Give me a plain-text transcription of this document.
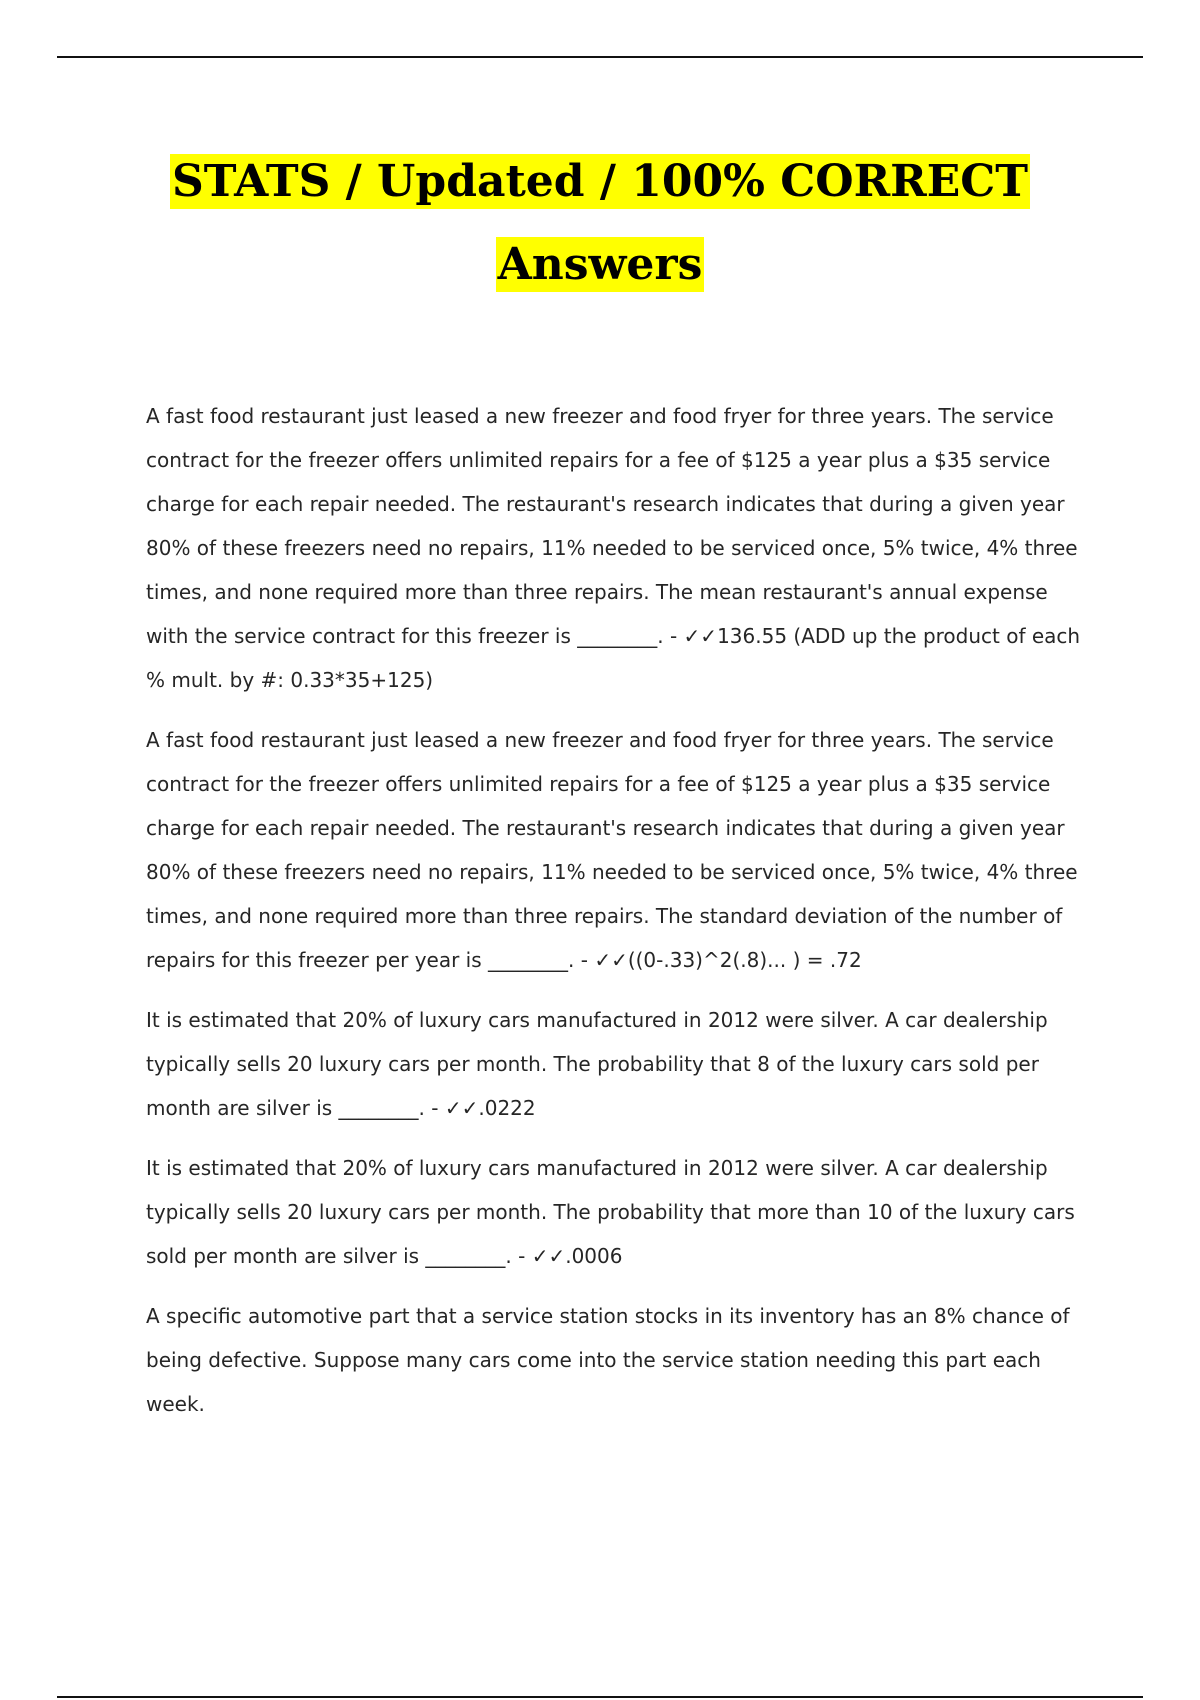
STATS / Updated / 100% CORRECT
Answers

A fast food restaurant just leased a new freezer and food fryer for three years. The service contract for the freezer offers unlimited repairs for a fee of $125 a year plus a $35 service charge for each repair needed. The restaurant's research indicates that during a given year 80% of these freezers need no repairs, 11% needed to be serviced once, 5% twice, 4% three times, and none required more than three repairs. The mean restaurant's annual expense with the service contract for this freezer is ________. - ✓✓136.55 (ADD up the product of each % mult. by #: 0.33*35+125)

A fast food restaurant just leased a new freezer and food fryer for three years. The service contract for the freezer offers unlimited repairs for a fee of $125 a year plus a $35 service charge for each repair needed. The restaurant's research indicates that during a given year 80% of these freezers need no repairs, 11% needed to be serviced once, 5% twice, 4% three times, and none required more than three repairs. The standard deviation of the number of repairs for this freezer per year is ________. - ✓✓((0-.33)^2(.8)... ) = .72

It is estimated that 20% of luxury cars manufactured in 2012 were silver. A car dealership typically sells 20 luxury cars per month. The probability that 8 of the luxury cars sold per month are silver is ________. - ✓✓.0222

It is estimated that 20% of luxury cars manufactured in 2012 were silver. A car dealership typically sells 20 luxury cars per month. The probability that more than 10 of the luxury cars sold per month are silver is ________. - ✓✓.0006

A specific automotive part that a service station stocks in its inventory has an 8% chance of being defective. Suppose many cars come into the service station needing this part each week.
